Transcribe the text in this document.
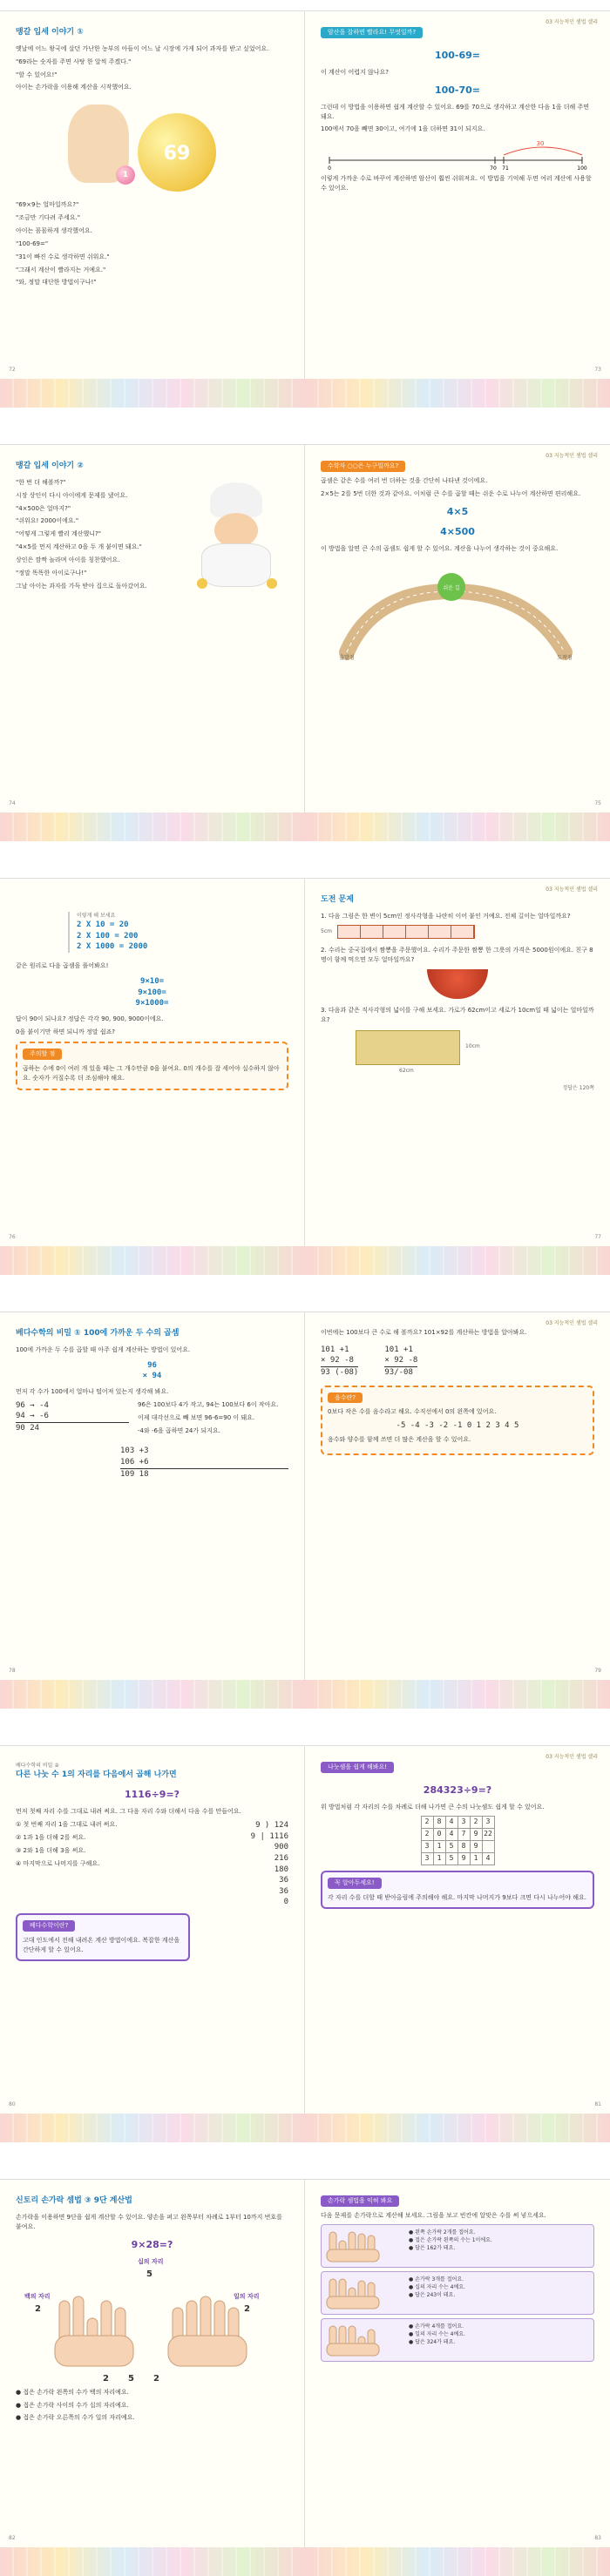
맹갈 입세 이야기 ①
옛날에 어느 왕국에 살던 가난한 농부의 아들이 어느 날 시장에 가게 되어 과자를 받고 싶었어요.
"69라는 숫자를 주면 사탕 한 알씩 주겠다."
"할 수 있어요!"
아이는 손가락을 이용해 계산을 시작했어요.
69
1
"69×9는 얼마일까요?"
"조금만 기다려 주세요."
아이는 꼼꼼하게 생각했어요.
"100-69="
"31이 빠진 수로 생각하면 쉬워요."
"그래서 계산이 빨라지는 거예요."
"와, 정말 대단한 방법이구나!"
72
03 지능적인 셈법 셀리
암산을 잘하면 빨라요! 무엇일까?
100-69=
이 계산이 어렵지 않나요?
100-70=
그런데 이 방법을 이용하면 쉽게 계산할 수 있어요. 69를 70으로 생각하고 계산한 다음 1을 더해 주면 돼요.
100에서 70을 빼면 30이고, 여기에 1을 더하면 31이 되지요.
30
0	70 71	100
이렇게 가까운 수로 바꾸어 계산하면 암산이 훨씬 쉬워져요. 이 방법을 기억해 두면 여러 계산에 사용할 수 있어요.
73
맹갈 입세 이야기 ②
"한 번 더 해볼까?"
시장 상인이 다시 아이에게 문제를 냈어요.
"4×500은 얼마지?"
"쉬워요! 2000이에요."
"어떻게 그렇게 빨리 계산했니?"
"4×5를 먼저 계산하고 0을 두 개 붙이면 돼요."
상인은 깜짝 놀라며 아이를 칭찬했어요.
"정말 똑똑한 아이로구나!"
그날 아이는 과자를 가득 받아 집으로 돌아갔어요.
74
03 지능적인 셈법 셀리
수학자 ○○은 누구일까요?
곱셈은 같은 수를 여러 번 더하는 것을 간단히 나타낸 것이에요.
2×5는 2를 5번 더한 것과 같아요. 이처럼 큰 수를 곱할 때는 쉬운 수로 나누어 계산하면 편리해요.
4×5
4×500
이 방법을 알면 큰 수의 곱셈도 쉽게 할 수 있어요. 계산을 나누어 생각하는 것이 중요해요.
쉬운 길
출발점	도착점
75
이렇게 해 보세요
2 X 10 = 20
2 X 100 = 200
2 X 1000 = 2000
같은 원리로 다음 곱셈을 풀어봐요!
9×10=
9×100=
9×1000=
답이 90이 되나요? 정답은 각각 90, 900, 9000이에요.
0을 붙이기만 하면 되니까 정말 쉽죠?
주의할 점
곱하는 수에 0이 여러 개 있을 때는 그 개수만큼 0을 붙여요. 0의 개수를 잘 세어야 실수하지 않아요. 숫자가 커질수록 더 조심해야 해요.
76
03 지능적인 셈법 셀리
도전 문제
1. 다음 그림은 한 변이 5cm인 정사각형을 나란히 이어 붙인 거예요. 전체 길이는 얼마일까요?
5cm
2. 수리는 중국집에서 짬뽕을 주문했어요. 수리가 주문한 짬뽕 한 그릇의 가격은 5000원이에요. 친구 8명이 함께 먹으면 모두 얼마일까요?
3. 다음과 같은 직사각형의 넓이를 구해 보세요. 가로가 62cm이고 세로가 10cm일 때 넓이는 얼마일까요?
62cm
10cm
정답은 120쪽
77
베다수학의 비밀 ① 100에 가까운 두 수의 곱셈
100에 가까운 두 수를 곱할 때 아주 쉽게 계산하는 방법이 있어요.
96
× 94
먼저 각 수가 100에서 얼마나 떨어져 있는지 생각해 봐요.
96 → -4
94 → -6
90 24
96은 100보다 4가 작고, 94는 100보다 6이 작아요.
이제 대각선으로 빼 보면 96-6=90 이 돼요.
-4와 -6을 곱하면 24가 되지요.
103 +3
106 +6
109 18
78
03 지능적인 셈법 셀리
이번에는 100보다 큰 수로 해 볼까요? 101×92를 계산하는 방법을 알아봐요.
101 +1
× 92 -8
93 (-08)
101 +1
× 92 -8
93/-08
음수란?
0보다 작은 수를 음수라고 해요. 수직선에서 0의 왼쪽에 있어요.
-5 -4 -3 -2 -1 0 1 2 3 4 5
음수와 양수를 함께 쓰면 더 많은 계산을 할 수 있어요.
79
베다수학의 비밀 ②
다른 나눗 수 1의 자리를 다음에서 곱해 나가면
1116÷9=?
먼저 첫째 자리 수를 그대로 내려 써요. 그 다음 자리 수와 더해서 다음 수를 만들어요.
① 첫 번째 자리 1을 그대로 내려 써요.
② 1과 1을 더해 2를 써요.
③ 2와 1을 더해 3을 써요.
④ 마지막으로 나머지를 구해요.
9 ) 124
9 | 1116
900
216
180
36
36
0
베다수학이란?
고대 인도에서 전해 내려온 계산 방법이에요. 복잡한 계산을 간단하게 할 수 있어요.
80
03 지능적인 셈법 셀리
나눗셈을 쉽게 해봐요!
284323÷9=?
위 방법처럼 각 자리의 수를 차례로 더해 나가면 큰 수의 나눗셈도 쉽게 할 수 있어요.
2	8	4	3	2	3
2	0	4	7	9	22
3	1	5	8	9	
3	1	5	9	1	4
꼭 알아두세요!
각 자리 수를 더할 때 받아올림에 주의해야 해요. 마지막 나머지가 9보다 크면 다시 나누어야 해요.
81
신토리 손가락 셈법 ③ 9단 계산법
손가락을 이용하면 9단을 쉽게 계산할 수 있어요. 양손을 펴고 왼쪽부터 차례로 1부터 10까지 번호를 붙여요.
9×28=?
십의 자리
5
백의 자리
2
일의 자리
2
2 5 2
● 접은 손가락 왼쪽의 수가 백의 자리예요.
● 접은 손가락 사이의 수가 십의 자리예요.
● 접은 손가락 오른쪽의 수가 일의 자리예요.
82
손가락 셈법을 익혀 봐요
다음 문제를 손가락으로 계산해 보세요. 그림을 보고 빈칸에 알맞은 수를 써 넣으세요.
● 왼쪽 손가락 2개를 접어요.
● 접은 손가락 왼쪽의 수는 1이에요.
● 답은 162가 돼요.
● 손가락 3개를 접어요.
● 십의 자리 수는 4예요.
● 답은 243이 돼요.
● 손가락 4개를 접어요.
● 일의 자리 수는 4예요.
● 답은 324가 돼요.
83
